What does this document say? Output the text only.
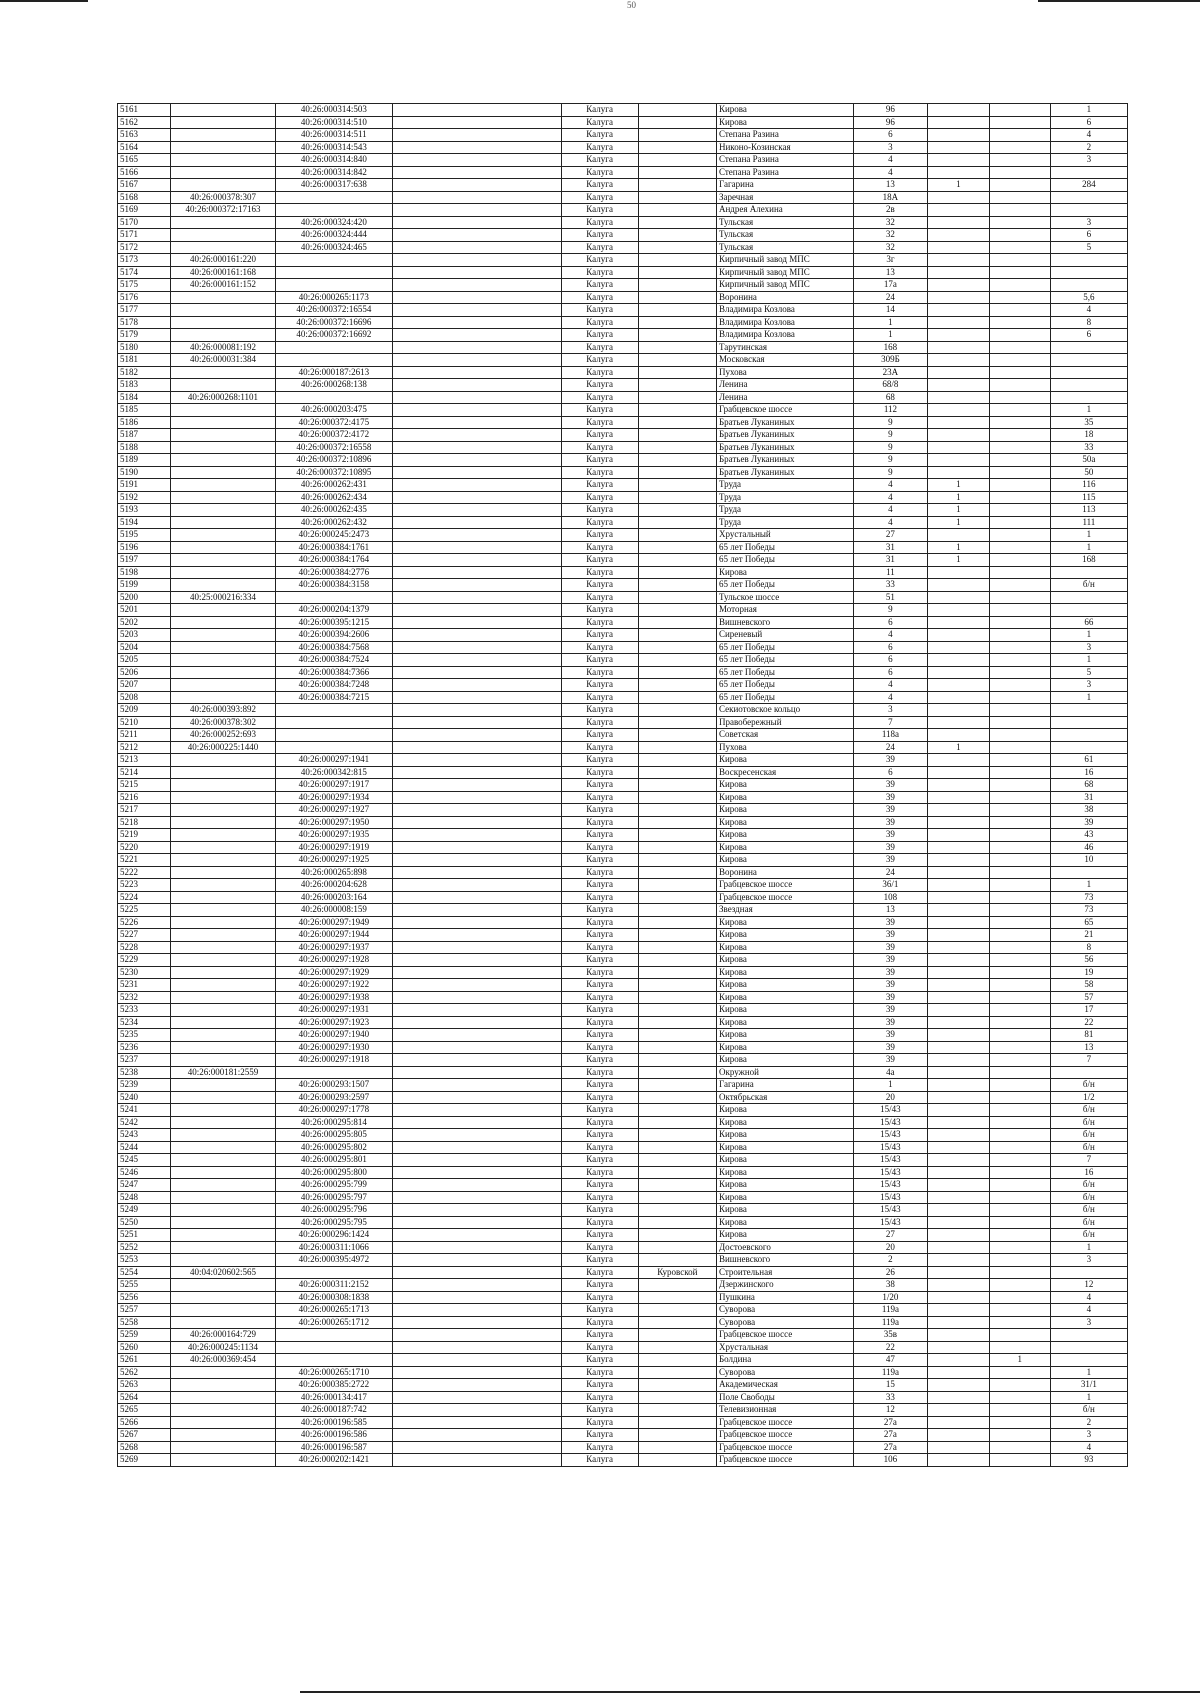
50
5161		40:26:000314:503		Калуга		Кирова	96			1
5162		40:26:000314:510		Калуга		Кирова	96			6
5163		40:26:000314:511		Калуга		Степана Разина	6			4
5164		40:26:000314:543		Калуга		Никоно-Козинская	3			2
5165		40:26:000314:840		Калуга		Степана Разина	4			3
5166		40:26:000314:842		Калуга		Степана Разина	4			
5167		40:26:000317:638		Калуга		Гагарина	13	1		284
5168	40:26:000378:307			Калуга		Заречная	18А			
5169	40:26:000372:17163			Калуга		Андрея Алехина	2в			
5170		40:26:000324:420		Калуга		Тульская	32			3
5171		40:26:000324:444		Калуга		Тульская	32			6
5172		40:26:000324:465		Калуга		Тульская	32			5
5173	40:26:000161:220			Калуга		Кирпичный завод МПС	3г			
5174	40:26:000161:168			Калуга		Кирпичный завод МПС	13			
5175	40:26:000161:152			Калуга		Кирпичный завод МПС	17а			
5176		40:26:000265:1173		Калуга		Воронина	24			5,6
5177		40:26:000372:16554		Калуга		Владимира Козлова	14			4
5178		40:26:000372:16696		Калуга		Владимира Козлова	1			8
5179		40:26:000372:16692		Калуга		Владимира Козлова	1			6
5180	40:26:000081:192			Калуга		Тарутинская	168			
5181	40:26:000031:384			Калуга		Московская	309Б			
5182		40:26:000187:2613		Калуга		Пухова	23А			
5183		40:26:000268:138		Калуга		Ленина	68/8			
5184	40:26:000268:1101			Калуга		Ленина	68			
5185		40:26:000203:475		Калуга		Грабцевское шоссе	112			1
5186		40:26:000372:4175		Калуга		Братьев Луканиных	9			35
5187		40:26:000372:4172		Калуга		Братьев Луканиных	9			18
5188		40:26:000372:16558		Калуга		Братьев Луканиных	9			33
5189		40:26:000372:10896		Калуга		Братьев Луканиных	9			50а
5190		40:26:000372:10895		Калуга		Братьев Луканиных	9			50
5191		40:26:000262:431		Калуга		Труда	4	1		116
5192		40:26:000262:434		Калуга		Труда	4	1		115
5193		40:26:000262:435		Калуга		Труда	4	1		113
5194		40:26:000262:432		Калуга		Труда	4	1		111
5195		40:26:000245:2473		Калуга		Хрустальный	27			1
5196		40:26:000384:1761		Калуга		65 лет Победы	31	1		1
5197		40:26:000384:1764		Калуга		65 лет Победы	31	1		168
5198		40:26:000384:2776		Калуга		Кирова	11			
5199		40:26:000384:3158		Калуга		65 лет Победы	33			б/н
5200	40:25:000216:334			Калуга		Тульское шоссе	51			
5201		40:26:000204:1379		Калуга		Моторная	9			
5202		40:26:000395:1215		Калуга		Вишневского	6			66
5203		40:26:000394:2606		Калуга		Сиреневый	4			1
5204		40:26:000384:7568		Калуга		65 лет Победы	6			3
5205		40:26:000384:7524		Калуга		65 лет Победы	6			1
5206		40:26:000384:7366		Калуга		65 лет Победы	6			5
5207		40:26:000384:7248		Калуга		65 лет Победы	4			3
5208		40:26:000384:7215		Калуга		65 лет Победы	4			1
5209	40:26:000393:892			Калуга		Секиотовское кольцо	3			
5210	40:26:000378:302			Калуга		Правобережный	7			
5211	40:26:000252:693			Калуга		Советская	118а			
5212	40:26:000225:1440			Калуга		Пухова	24	1		
5213		40:26:000297:1941		Калуга		Кирова	39			61
5214		40:26:000342:815		Калуга		Воскресенская	6			16
5215		40:26:000297:1917		Калуга		Кирова	39			68
5216		40:26:000297:1934		Калуга		Кирова	39			31
5217		40:26:000297:1927		Калуга		Кирова	39			38
5218		40:26:000297:1950		Калуга		Кирова	39			39
5219		40:26:000297:1935		Калуга		Кирова	39			43
5220		40:26:000297:1919		Калуга		Кирова	39			46
5221		40:26:000297:1925		Калуга		Кирова	39			10
5222		40:26:000265:898		Калуга		Воронина	24			
5223		40:26:000204:628		Калуга		Грабцевское шоссе	36/1			1
5224		40:26:000203:164		Калуга		Грабцевское шоссе	108			73
5225		40:26:000008:159		Калуга		Звездная	13			73
5226		40:26:000297:1949		Калуга		Кирова	39			65
5227		40:26:000297:1944		Калуга		Кирова	39			21
5228		40:26:000297:1937		Калуга		Кирова	39			8
5229		40:26:000297:1928		Калуга		Кирова	39			56
5230		40:26:000297:1929		Калуга		Кирова	39			19
5231		40:26:000297:1922		Калуга		Кирова	39			58
5232		40:26:000297:1938		Калуга		Кирова	39			57
5233		40:26:000297:1931		Калуга		Кирова	39			17
5234		40:26:000297:1923		Калуга		Кирова	39			22
5235		40:26:000297:1940		Калуга		Кирова	39			81
5236		40:26:000297:1930		Калуга		Кирова	39			13
5237		40:26:000297:1918		Калуга		Кирова	39			7
5238	40:26:000181:2559			Калуга		Окружной	4а			
5239		40:26:000293:1507		Калуга		Гагарина	1			б/н
5240		40:26:000293:2597		Калуга		Октябрьская	20			1/2
5241		40:26:000297:1778		Калуга		Кирова	15/43			б/н
5242		40:26:000295:814		Калуга		Кирова	15/43			б/н
5243		40:26:000295:805		Калуга		Кирова	15/43			б/н
5244		40:26:000295:802		Калуга		Кирова	15/43			б/н
5245		40:26:000295:801		Калуга		Кирова	15/43			7
5246		40:26:000295:800		Калуга		Кирова	15/43			16
5247		40:26:000295:799		Калуга		Кирова	15/43			б/н
5248		40:26:000295:797		Калуга		Кирова	15/43			б/н
5249		40:26:000295:796		Калуга		Кирова	15/43			б/н
5250		40:26:000295:795		Калуга		Кирова	15/43			б/н
5251		40:26:000296:1424		Калуга		Кирова	27			б/н
5252		40:26:000311:1066		Калуга		Достоевского	20			1
5253		40:26:000395:4972		Калуга		Вишневского	2			3
5254	40:04:020602:565			Калуга	Куровской	Строительная	26			
5255		40:26:000311:2152		Калуга		Дзержинского	38			12
5256		40:26:000308:1838		Калуга		Пушкина	1/20			4
5257		40:26:000265:1713		Калуга		Суворова	119а			4
5258		40:26:000265:1712		Калуга		Суворова	119а			3
5259	40:26:000164:729			Калуга		Грабцевское шоссе	35в			
5260	40:26:000245:1134			Калуга		Хрустальная	22			
5261	40:26:000369:454			Калуга		Болдина	47		1	
5262		40:26:000265:1710		Калуга		Суворова	119а			1
5263		40:26:000385:2722		Калуга		Академическая	15			31/1
5264		40:26:000134:417		Калуга		Поле Свободы	33			1
5265		40:26:000187:742		Калуга		Телевизионная	12			б/н
5266		40:26:000196:585		Калуга		Грабцевское шоссе	27а			2
5267		40:26:000196:586		Калуга		Грабцевское шоссе	27а			3
5268		40:26:000196:587		Калуга		Грабцевское шоссе	27а			4
5269		40:26:000202:1421		Калуга		Грабцевское шоссе	106			93
